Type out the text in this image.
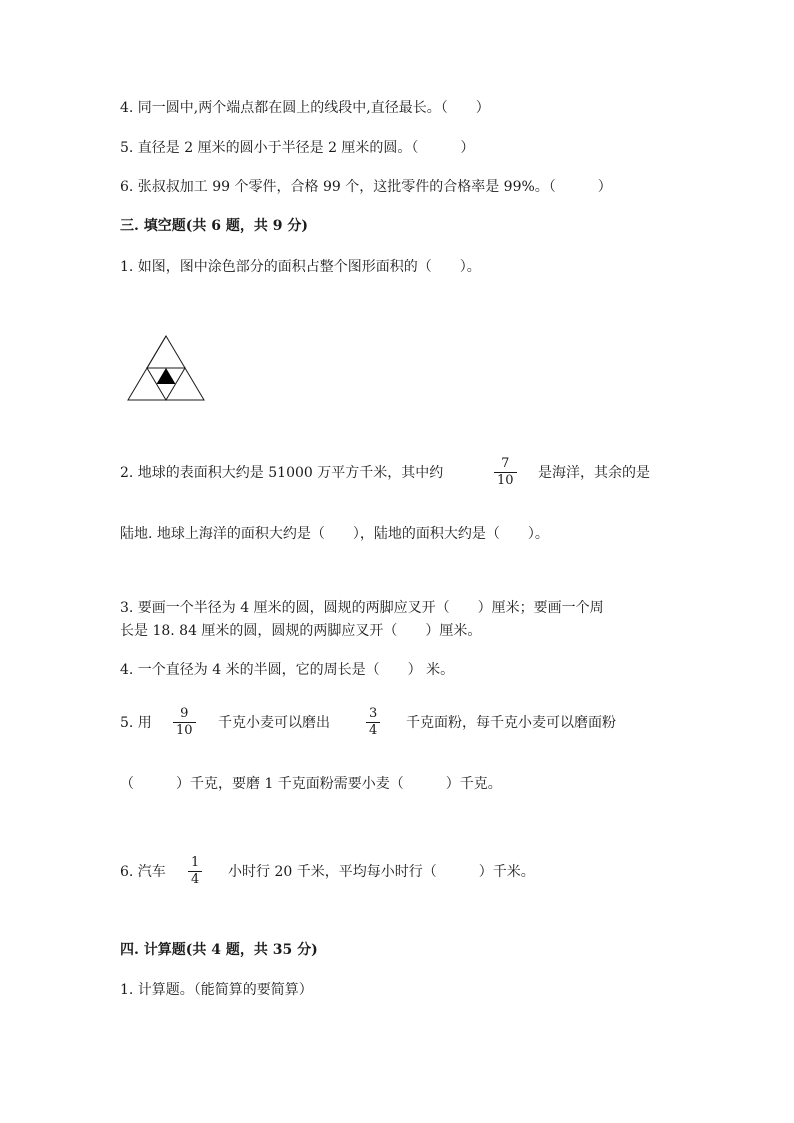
4. 同一圆中,两个端点都在圆上的线段中,直径最长。（　　）
5. 直径是 2 厘米的圆小于半径是 2 厘米的圆。（　　　）
6. 张叔叔加工 99 个零件，合格 99 个，这批零件的合格率是 99%。（　　　）
三. 填空题(共 6 题，共 9 分)
1. 如图，图中涂色部分的面积占整个图形面积的（　　）。
2. 地球的表面积大约是 51000 万平方千米，其中约	$\frac{7}{10}$ 是海洋，其余的是
陆地. 地球上海洋的面积大约是（　　），陆地的面积大约是（　　）。
3. 要画一个半径为 4 厘米的圆，圆规的两脚应叉开（　　）厘米；要画一个周
长是 18. 84 厘米的圆，圆规的两脚应叉开（　　）厘米。
4. 一个直径为 4 米的半圆，它的周长是（　　） 米。
5. 用 $\frac{9}{10}$ 千克小麦可以磨出	$\frac{3}{4}$ 千克面粉，每千克小麦可以磨面粉
（　　　）千克，要磨 1 千克面粉需要小麦（　　　）千克。
6. 汽车 $\frac{1}{4}$ 小时行 20 千米，平均每小时行（　　　）千米。
四. 计算题(共 4 题，共 35 分)
1. 计算题。（能简算的要简算）
